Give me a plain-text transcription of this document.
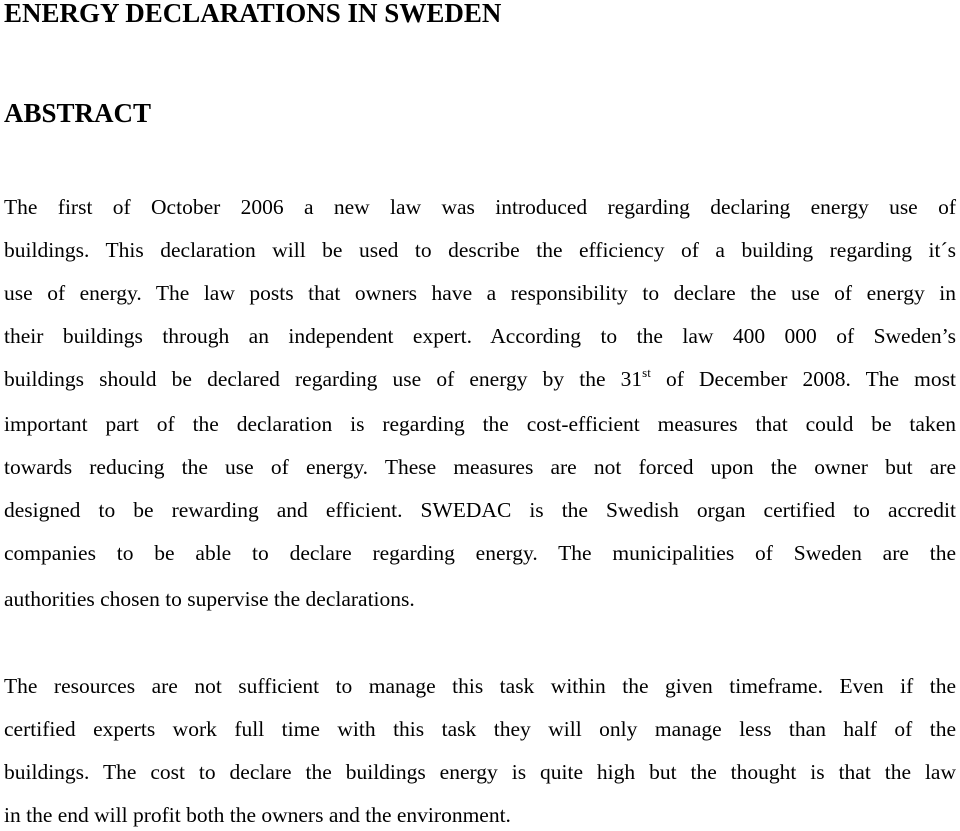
ENERGY DECLARATIONS IN SWEDEN
ABSTRACT

The first of October 2006 a new law was introduced regarding declaring energy use of

buildings. This declaration will be used to describe the efficiency of a building regarding it´s

use of energy. The law posts that owners have a responsibility to declare the use of energy in

their buildings through an independent expert. According to the law 400 000 of Sweden’s

buildings should be declared regarding use of energy by the 31st of December 2008. The most

important part of the declaration is regarding the cost-efficient measures that could be taken

towards reducing the use of energy. These measures are not forced upon the owner but are

designed to be rewarding and efficient. SWEDAC is the Swedish organ certified to accredit

companies to be able to declare regarding energy. The municipalities of Sweden are the

authorities chosen to supervise the declarations.

The resources are not sufficient to manage this task within the given timeframe. Even if the

certified experts work full time with this task they will only manage less than half of the

buildings. The cost to declare the buildings energy is quite high but the thought is that the law

in the end will profit both the owners and the environment.
